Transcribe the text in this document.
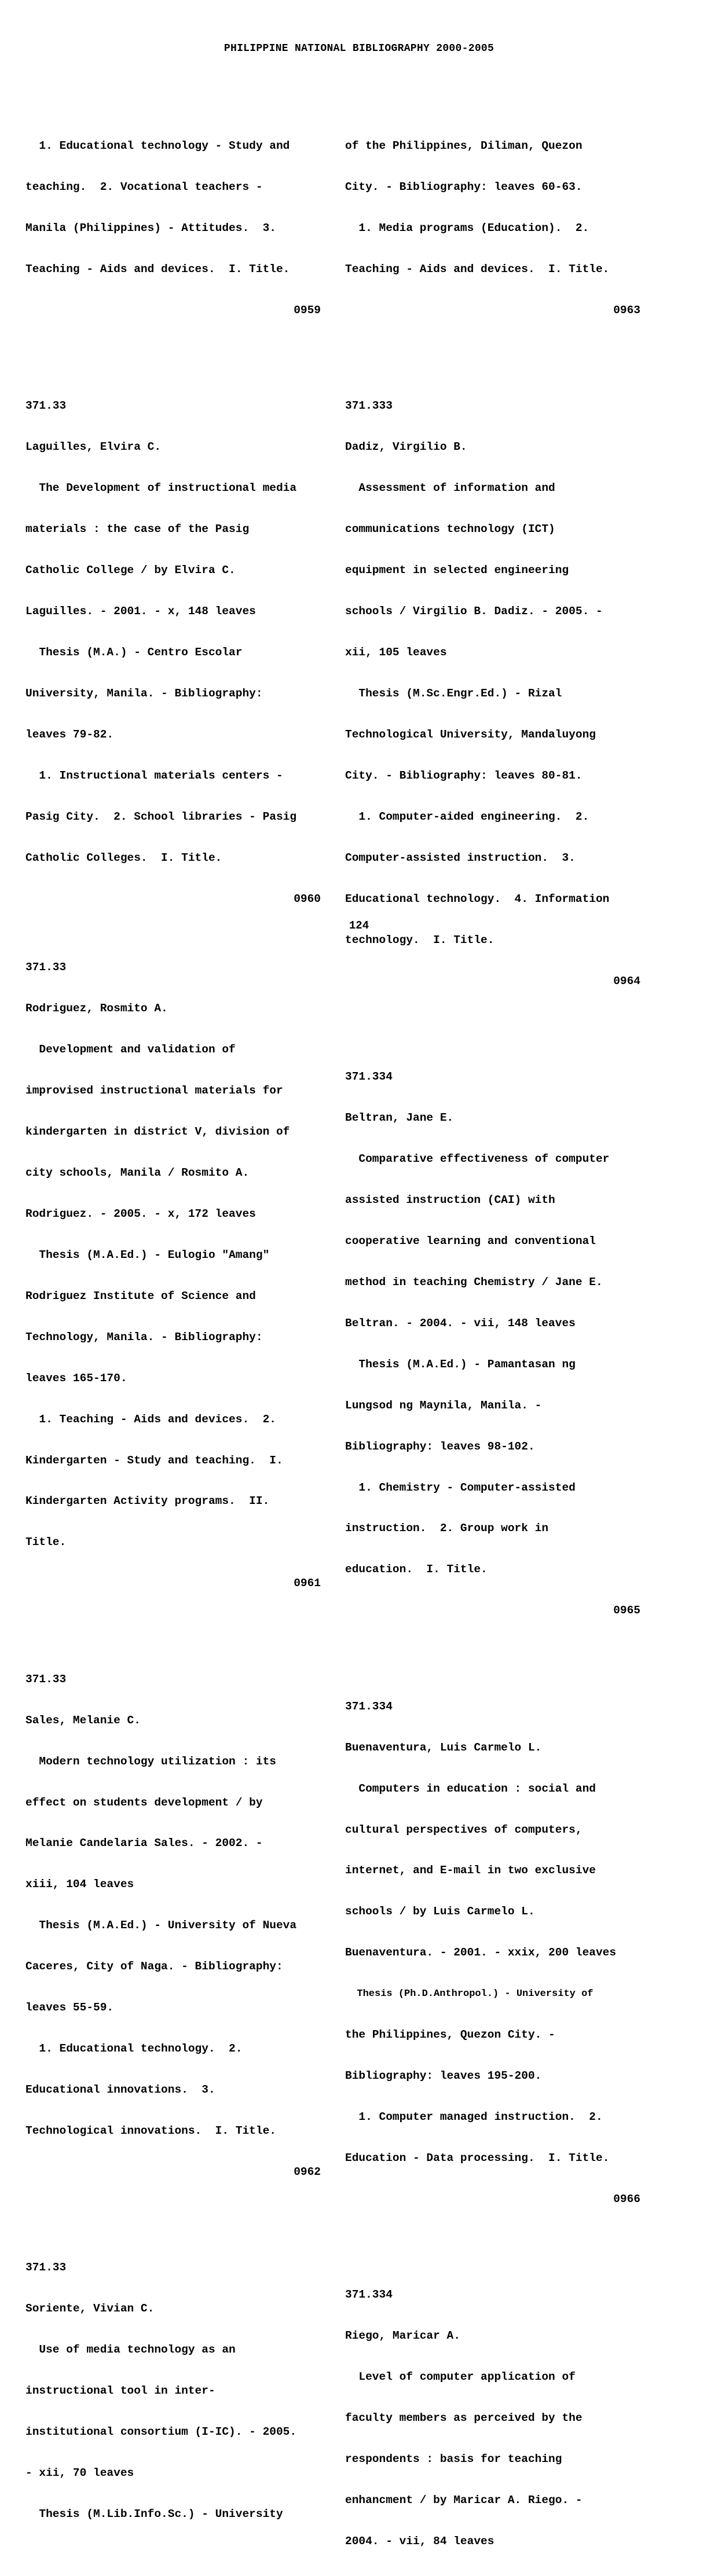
PHILIPPINE NATIONAL BIBLIOGRAPHY 2000-2005

1. Educational technology - Study and

teaching.  2. Vocational teachers -

Manila (Philippines) - Attitudes.  3.

Teaching - Aids and devices.  I. Title.

0959

371.33

Laguilles, Elvira C.

The Development of instructional media

materials : the case of the Pasig

Catholic College / by Elvira C.

Laguilles. - 2001. - x, 148 leaves

Thesis (M.A.) - Centro Escolar

University, Manila. - Bibliography:

leaves 79-82.

1. Instructional materials centers -

Pasig City.  2. School libraries - Pasig

Catholic Colleges.  I. Title.

0960

371.33

Rodriguez, Rosmito A.

Development and validation of

improvised instructional materials for

kindergarten in district V, division of

city schools, Manila / Rosmito A.

Rodriguez. - 2005. - x, 172 leaves

Thesis (M.A.Ed.) - Eulogio "Amang"

Rodriguez Institute of Science and

Technology, Manila. - Bibliography:

leaves 165-170.

1. Teaching - Aids and devices.  2.

Kindergarten - Study and teaching.  I.

Kindergarten Activity programs.  II.

Title.

0961

371.33

Sales, Melanie C.

Modern technology utilization : its

effect on students development / by

Melanie Candelaria Sales. - 2002. -

xiii, 104 leaves

Thesis (M.A.Ed.) - University of Nueva

Caceres, City of Naga. - Bibliography:

leaves 55-59.

1. Educational technology.  2.

Educational innovations.  3.

Technological innovations.  I. Title.

0962

371.33

Soriente, Vivian C.

Use of media technology as an

instructional tool in inter-

institutional consortium (I-IC). - 2005.

- xii, 70 leaves

Thesis (M.Lib.Info.Sc.) - University

of the Philippines, Diliman, Quezon

City. - Bibliography: leaves 60-63.

1. Media programs (Education).  2.

Teaching - Aids and devices.  I. Title.

0963

371.333

Dadiz, Virgilio B.

Assessment of information and

communications technology (ICT)

equipment in selected engineering

schools / Virgilio B. Dadiz. - 2005. -

xii, 105 leaves

Thesis (M.Sc.Engr.Ed.) - Rizal

Technological University, Mandaluyong

City. - Bibliography: leaves 80-81.

1. Computer-aided engineering.  2.

Computer-assisted instruction.  3.

Educational technology.  4. Information

technology.  I. Title.

0964

371.334

Beltran, Jane E.

Comparative effectiveness of computer

assisted instruction (CAI) with

cooperative learning and conventional

method in teaching Chemistry / Jane E.

Beltran. - 2004. - vii, 148 leaves

Thesis (M.A.Ed.) - Pamantasan ng

Lungsod ng Maynila, Manila. -

Bibliography: leaves 98-102.

1. Chemistry - Computer-assisted

instruction.  2. Group work in

education.  I. Title.

0965

371.334

Buenaventura, Luis Carmelo L.

Computers in education : social and

cultural perspectives of computers,

internet, and E-mail in two exclusive

schools / by Luis Carmelo L.

Buenaventura. - 2001. - xxix, 200 leaves

Thesis (Ph.D.Anthropol.) - University of

the Philippines, Quezon City. -

Bibliography: leaves 195-200.

1. Computer managed instruction.  2.

Education - Data processing.  I. Title.

0966

371.334

Riego, Maricar A.

Level of computer application of

faculty members as perceived by the

respondents : basis for teaching

enhancment / by Maricar A. Riego. -

2004. - vii, 84 leaves

124
